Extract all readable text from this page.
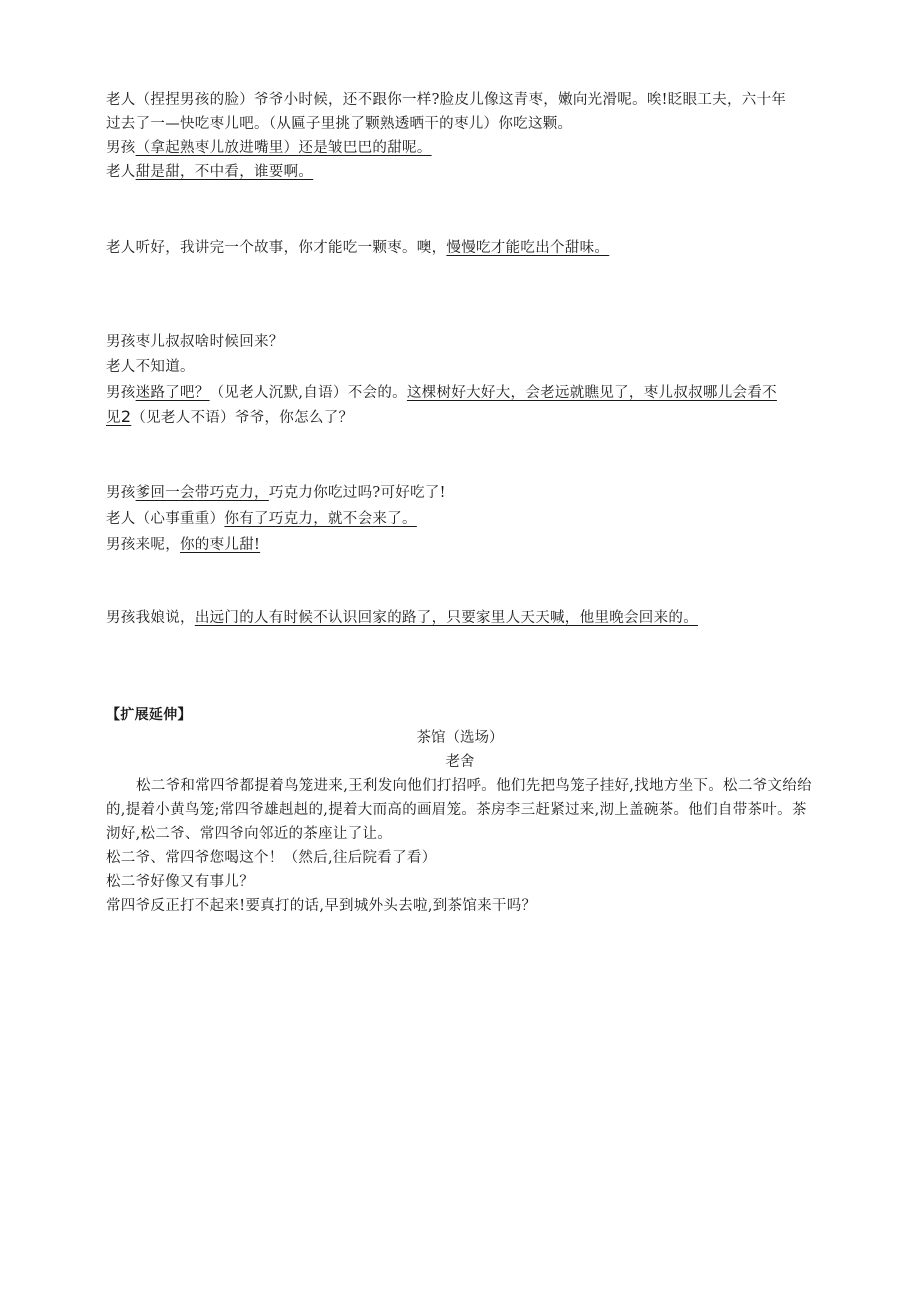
老人（捏捏男孩的脸）爷爷小时候，还不跟你一样?脸皮儿像这青枣，嫩向光滑呢。唉!眨眼工夫，六十年
过去了一—快吃枣儿吧。（从匾子里挑了颗熟透晒干的枣儿）你吃这颗。
男孩（拿起熟枣儿放进嘴里）还是皱巴巴的甜呢。
老人甜是甜，不中看，谁要啊。
老人听好，我讲完一个故事，你才能吃一颗枣。噢，慢慢吃才能吃出个甜味。
男孩枣儿叔叔啥时候回来？
老人不知道。
男孩迷路了吧？（见老人沉默,自语）不会的。这棵树好大好大，会老远就瞧见了，枣儿叔叔哪儿会看不
见2（见老人不语）爷爷，你怎么了？
男孩爹回一会带巧克力，巧克力你吃过吗?可好吃了!
老人（心事重重）你有了巧克力，就不会来了。
男孩来呢，你的枣儿甜!
男孩我娘说，出远门的人有时候不认识回家的路了，只要家里人天天喊，他里晚会回来的。
【扩展延伸】
茶馆（选场）
老舍
松二爷和常四爷都提着鸟笼进来,王利发向他们打招呼。他们先把鸟笼子挂好,找地方坐下。松二爷文绐绐
的,提着小黄鸟笼;常四爷雄赳赳的,提着大而高的画眉笼。茶房李三赶紧过来,沏上盖碗茶。他们自带茶叶。茶
沏好,松二爷、常四爷向邻近的茶座让了让。
松二爷、常四爷您喝这个！（然后,往后院看了看）
松二爷好像又有事儿？
常四爷反正打不起来!要真打的话,早到城外头去啦,到茶馆来干吗？
